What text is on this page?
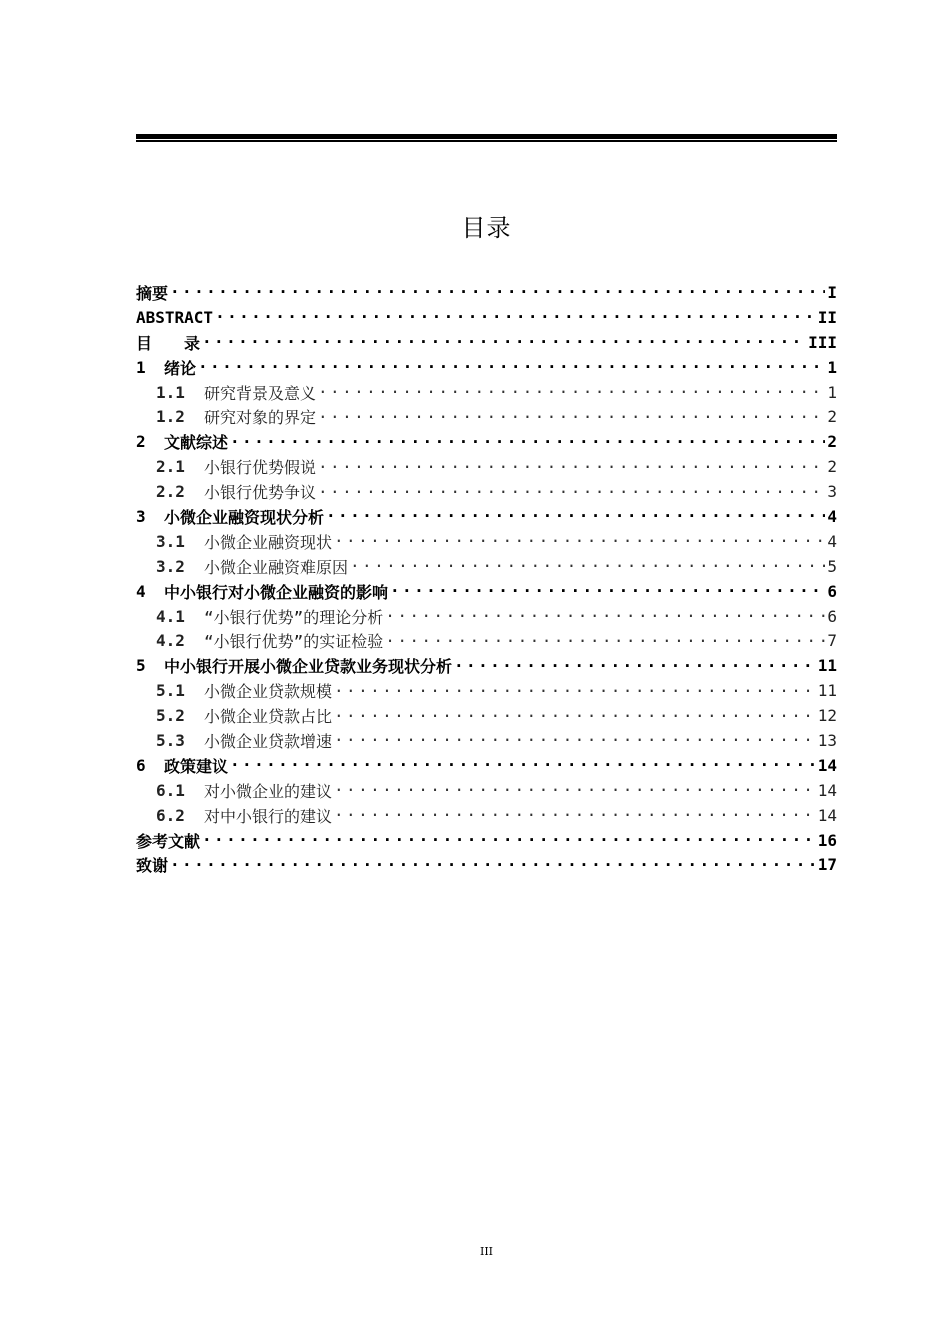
目录
摘要 .....	I
ABSTRACT .....	II
目　　录 .....	III
1	绪论 .....	1
1.1	研究背景及意义 .....	1
1.2	研究对象的界定 .....	2
2	文献综述 .....	2
2.1	小银行优势假说 .....	2
2.2	小银行优势争议 .....	3
3	小微企业融资现状分析 .....	4
3.1	小微企业融资现状 .....	4
3.2	小微企业融资难原因 .....	5
4	中小银行对小微企业融资的影响 .....	6
4.1	“小银行优势”的理论分析 .....	6
4.2	“小银行优势”的实证检验 .....	7
5	中小银行开展小微企业贷款业务现状分析 .....	11
5.1	小微企业贷款规模 .....	11
5.2	小微企业贷款占比 .....	12
5.3	小微企业贷款增速 .....	13
6	政策建议 .....	14
6.1	对小微企业的建议 .....	14
6.2	对中小银行的建议 .....	14
参考文献 .....	16
致谢 .....	17
III
